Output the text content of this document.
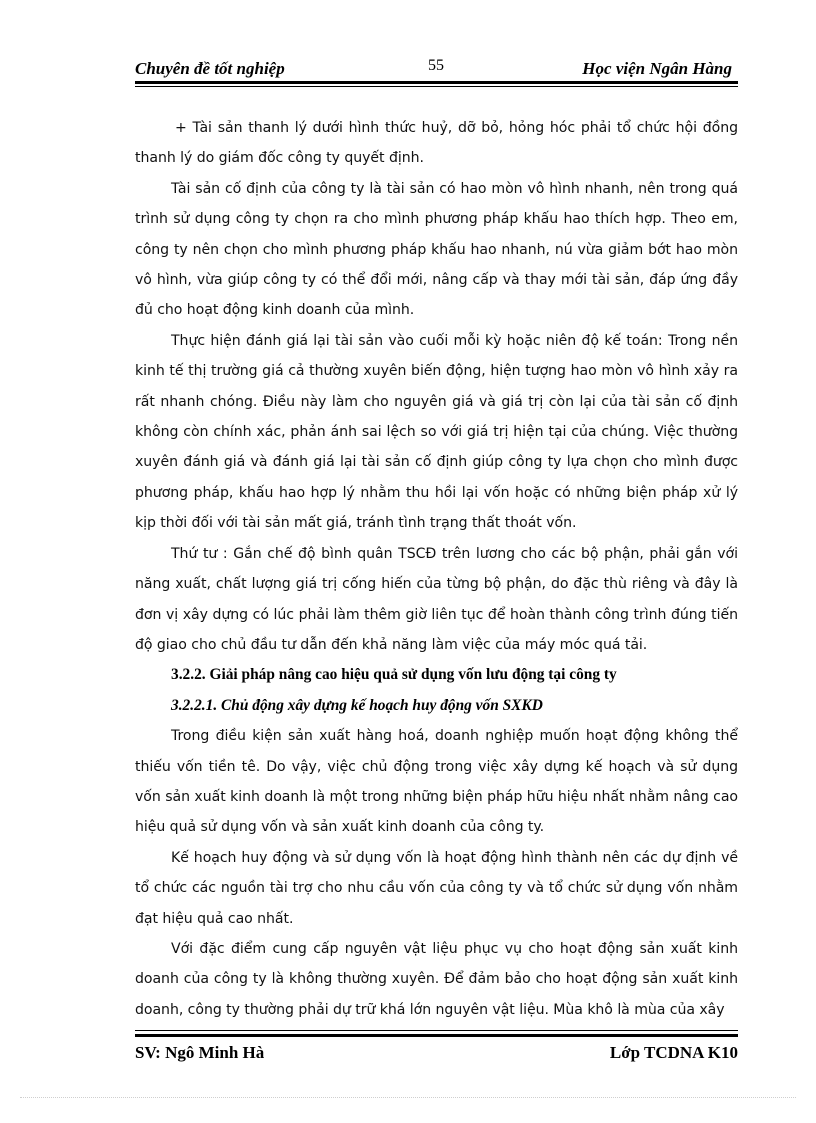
Chuyên đề tốt nghiệp	55	Học viện Ngân Hàng

+ Tài sản thanh lý dưới hình thức huỷ, dỡ bỏ, hỏng hóc phải tổ chức hội đồng thanh lý do giám đốc công ty quyết định.

Tài sản cố định của công ty là tài sản có hao mòn vô hình nhanh, nên trong quá trình sử dụng công ty chọn ra cho mình phương pháp khấu hao thích hợp. Theo em, công ty nên chọn cho mình phương pháp khấu hao nhanh, nú vừa giảm bớt hao mòn vô hình, vừa giúp công ty có thể đổi mới, nâng cấp và thay mới tài sản, đáp ứng đầy đủ cho hoạt động kinh doanh của mình.

Thực hiện đánh giá lại tài sản vào cuối mỗi kỳ hoặc niên độ kế toán: Trong nền kinh tế thị trường giá cả thường xuyên biến động, hiện tượng hao mòn vô hình xảy ra rất nhanh chóng. Điều này làm cho nguyên giá và giá trị còn lại của tài sản cố định không còn chính xác, phản ánh sai lệch so với giá trị hiện tại của chúng. Việc thường xuyên đánh giá và đánh giá lại tài sản cố định giúp công ty lựa chọn cho mình được phương pháp, khấu hao hợp lý nhằm thu hồi lại vốn hoặc có những biện pháp xử lý kịp thời đối với tài sản mất giá, tránh tình trạng thất thoát vốn.

Thứ tư : Gắn chế độ bình quân TSCĐ trên lương cho các bộ phận, phải gắn với năng xuất, chất lượng giá trị cống hiến của từng bộ phận, do đặc thù riêng và đây là đơn vị xây dựng có lúc phải làm thêm giờ liên tục để hoàn thành công trình đúng tiến độ giao cho chủ đầu tư dẫn đến khả năng làm việc của máy móc quá tải.

3.2.2. Giải pháp nâng cao hiệu quả sử dụng vốn lưu động tại công ty

3.2.2.1. Chủ động xây dựng kế hoạch huy động vốn SXKD

Trong điều kiện sản xuất hàng hoá, doanh nghiệp muốn hoạt động không thể thiếu vốn tiền tê. Do vậy, việc chủ động trong việc xây dựng kế hoạch và sử dụng vốn sản xuất kinh doanh là một trong những biện pháp hữu hiệu nhất nhằm nâng cao hiệu quả sử dụng vốn và sản xuất kinh doanh của công ty.

Kế hoạch huy động và sử dụng vốn là hoạt động hình thành nên các dự định về tổ chức các nguồn tài trợ cho nhu cầu vốn của công ty và tổ chức sử dụng vốn nhằm đạt hiệu quả cao nhất.

Với đặc điểm cung cấp nguyên vật liệu phục vụ cho hoạt động sản xuất kinh doanh của công ty là không thường xuyên. Để đảm bảo cho hoạt động sản xuất kinh doanh, công ty thường phải dự trữ khá lớn nguyên vật liệu. Mùa khô là mùa của xây

SV: Ngô Minh Hà	Lớp TCDNA K10
